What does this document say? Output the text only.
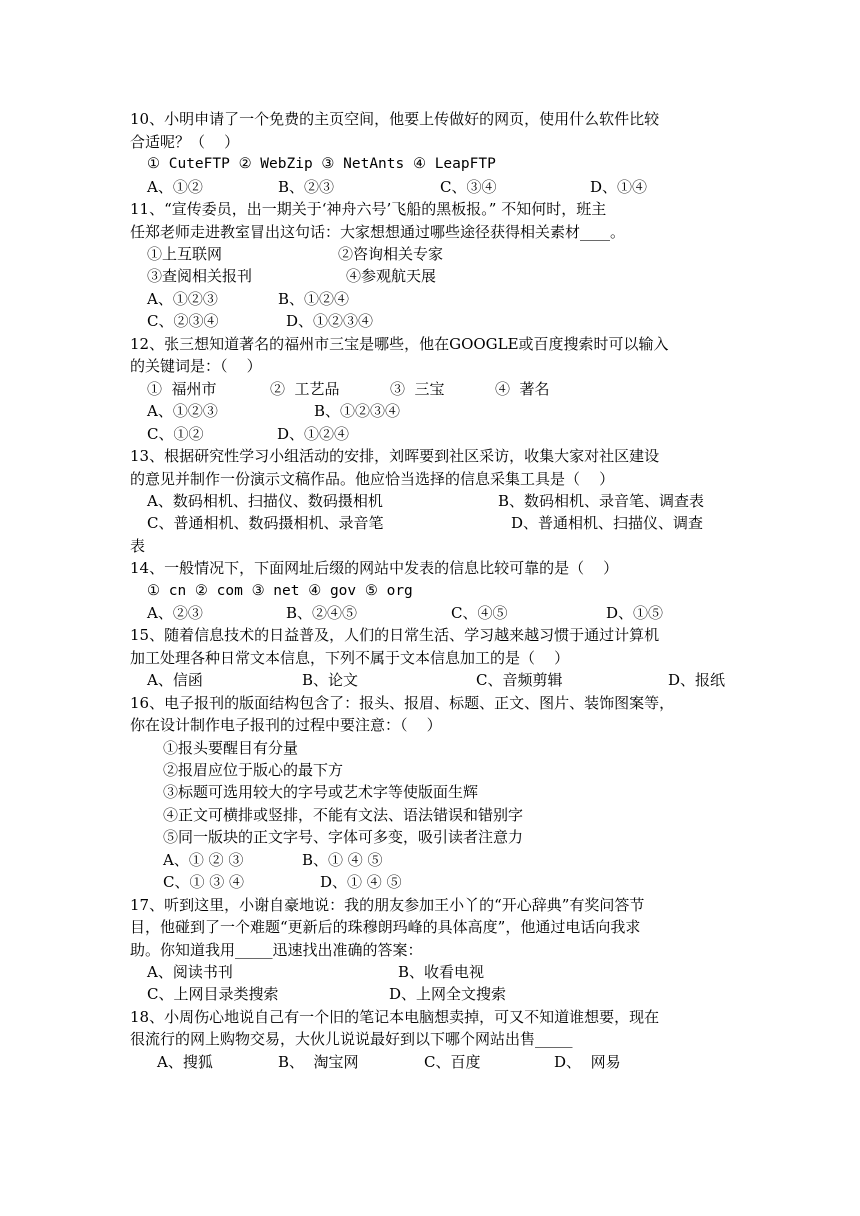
10、小明申请了一个免费的主页空间，他要上传做好的网页，使用什么软件比较
合适呢？（    ）
① CuteFTP ② WebZip ③ NetAnts ④ LeapFTP
A、①②	B、②③	C、③④	D、①④
11、“宣传委员，出一期关于‘神舟六号’飞船的黑板报。” 不知何时，班主
任郑老师走进教室冒出这句话：大家想想通过哪些途径获得相关素材____。
①上互联网	②咨询相关专家
③查阅相关报刊	④参观航天展
A、①②③	B、①②④
C、②③④	D、①②③④
12、张三想知道著名的福州市三宝是哪些，他在GOOGLE或百度搜索时可以输入
的关键词是：（    ）
①  福州市	②  工艺品	③  三宝	④  著名
A、①②③	B、①②③④
C、①②	D、①②④
13、根据研究性学习小组活动的安排，刘晖要到社区采访，收集大家对社区建设
的意见并制作一份演示文稿作品。他应恰当选择的信息采集工具是（    ）
A、数码相机、扫描仪、数码摄相机	B、数码相机、录音笔、调查表
C、普通相机、数码摄相机、录音笔	D、普通相机、扫描仪、调查
表
14、一般情况下，下面网址后缀的网站中发表的信息比较可靠的是（    ）
① cn ② com ③ net ④ gov ⑤ org
A、②③	B、②④⑤	C、④⑤	D、①⑤
15、随着信息技术的日益普及，人们的日常生活、学习越来越习惯于通过计算机
加工处理各种日常文本信息，下列不属于文本信息加工的是（    ）
A、信函	B、论文	C、音频剪辑	D、报纸
16、电子报刊的版面结构包含了：报头、报眉、标题、正文、图片、装饰图案等，
你在设计制作电子报刊的过程中要注意：（    ）
①报头要醒目有分量
②报眉应位于版心的最下方
③标题可选用较大的字号或艺术字等使版面生辉
④正文可横排或竖排，不能有文法、语法错误和错别字
⑤同一版块的正文字号、字体可多变，吸引读者注意力
A、① ② ③	B、① ④ ⑤
C、① ③ ④	D、① ④ ⑤
17、听到这里，小谢自豪地说：我的朋友参加王小丫的“开心辞典”有奖问答节
目，他碰到了一个难题“更新后的珠穆朗玛峰的具体高度”，他通过电话向我求
助。你知道我用_____迅速找出准确的答案：
A、阅读书刊	B、收看电视
C、上网目录类搜索	D、上网全文搜索
18、小周伤心地说自己有一个旧的笔记本电脑想卖掉，可又不知道谁想要，现在
很流行的网上购物交易，大伙儿说说最好到以下哪个网站出售_____
A、搜狐	B、  淘宝网	C、百度	D、  网易
